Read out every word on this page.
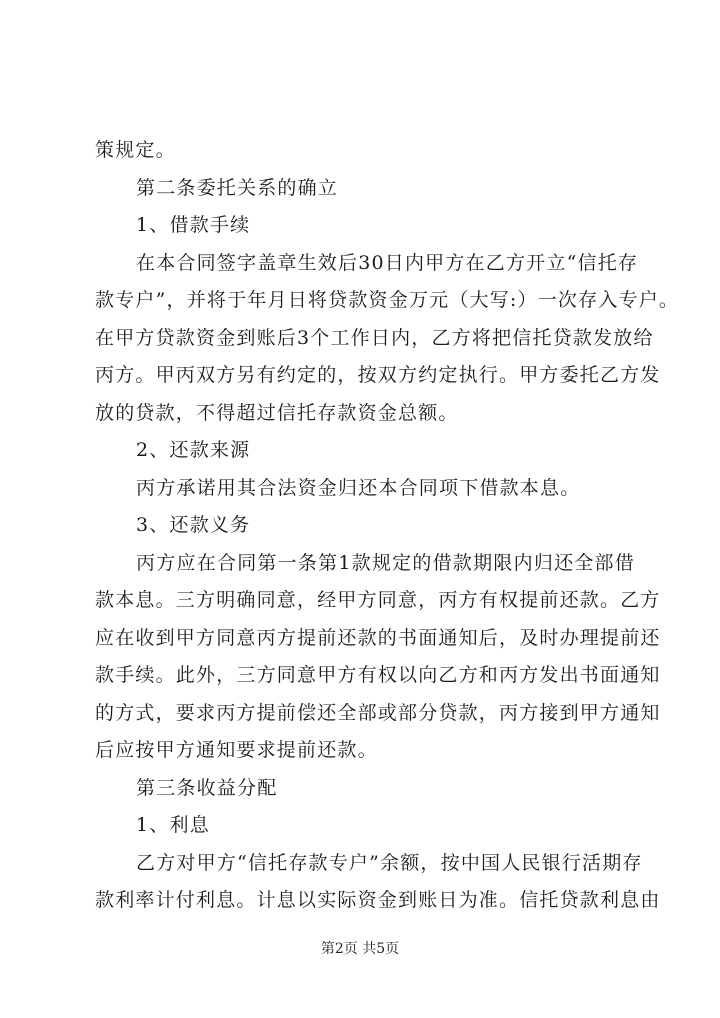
策规定。
第二条委托关系的确立
1、借款手续
在本合同签字盖章生效后30日内甲方在乙方开立“信托存
款专户”，并将于年月日将贷款资金万元（大写:）一次存入专户。
在甲方贷款资金到账后3个工作日内，乙方将把信托贷款发放给
丙方。甲丙双方另有约定的，按双方约定执行。甲方委托乙方发
放的贷款，不得超过信托存款资金总额。
2、还款来源
丙方承诺用其合法资金归还本合同项下借款本息。
3、还款义务
丙方应在合同第一条第1款规定的借款期限内归还全部借
款本息。三方明确同意，经甲方同意，丙方有权提前还款。乙方
应在收到甲方同意丙方提前还款的书面通知后，及时办理提前还
款手续。此外，三方同意甲方有权以向乙方和丙方发出书面通知
的方式，要求丙方提前偿还全部或部分贷款，丙方接到甲方通知
后应按甲方通知要求提前还款。
第三条收益分配
1、利息
乙方对甲方“信托存款专户”余额，按中国人民银行活期存
款利率计付利息。计息以实际资金到账日为准。信托贷款利息由
第2页 共5页
